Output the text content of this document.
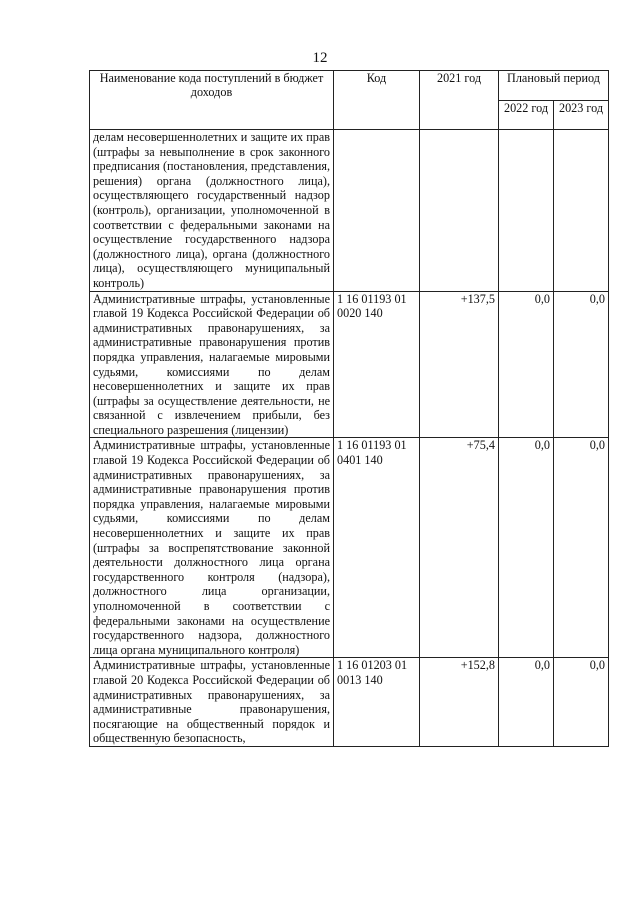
12
Наименование кода поступлений в бюджет доходов	Код	2021 год	Плановый период	
			2022 год	2023 год
делам несовершеннолетних и защите их прав (штрафы за невыполнение в срок законного предписания (постановления, представления, решения) органа (должностного лица), осуществляющего государственный надзор (контроль), организации, уполномоченной в соответствии с федеральными законами на осуществление государственного надзора (должностного лица), органа (должностного лица), осуществляющего муниципальный контроль)				
Административные штрафы, установленные главой 19 Кодекса Российской Федерации об административных правонарушениях, за административные правонарушения против порядка управления, налагаемые мировыми судьями, комиссиями по делам несовершеннолетних и защите их прав (штрафы за осуществление деятельности, не связанной с извлечением прибыли, без специального разрешения (лицензии)	1 16 01193 01 0020 140	+137,5	0,0	0,0
Административные штрафы, установленные главой 19 Кодекса Российской Федерации об административных правонарушениях, за административные правонарушения против порядка управления, налагаемые мировыми судьями, комиссиями по делам несовершеннолетних и защите их прав (штрафы за воспрепятствование законной деятельности должностного лица органа государственного контроля (надзора), должностного лица организации, уполномоченной в соответствии с федеральными законами на осуществление государственного надзора, должностного лица органа муниципального контроля)	1 16 01193 01 0401 140	+75,4	0,0	0,0
Административные штрафы, установленные главой 20 Кодекса Российской Федерации об административных правонарушениях, за административные правонарушения, посягающие на общественный порядок и общественную безопасность,	1 16 01203 01 0013 140	+152,8	0,0	0,0
